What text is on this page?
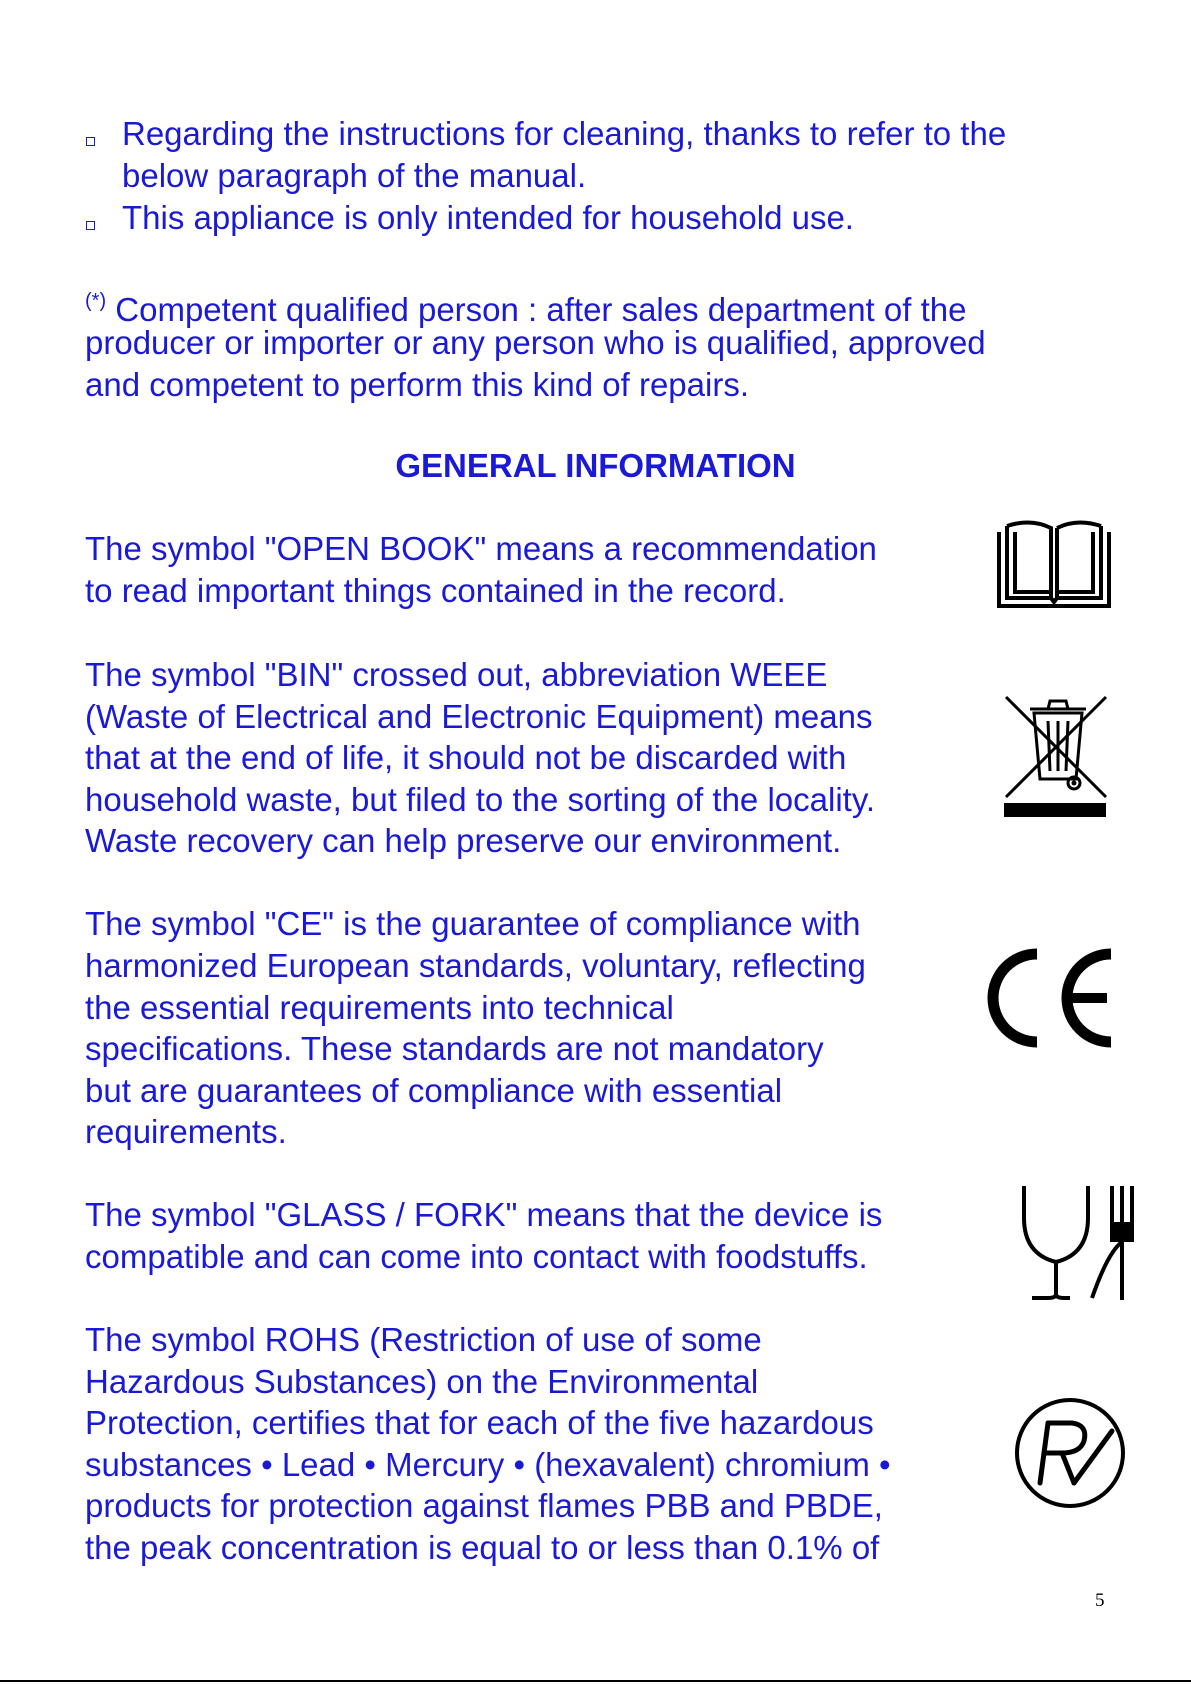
Regarding the instructions for cleaning, thanks to refer to the
below paragraph of the manual.
This appliance is only intended for household use.
(*) Competent qualified person : after sales department of the
producer or importer or any person who is qualified, approved
and competent to perform this kind of repairs.
GENERAL INFORMATION
The symbol "OPEN BOOK" means a recommendation
to read important things contained in the record.
The symbol "BIN" crossed out, abbreviation WEEE
(Waste of Electrical and Electronic Equipment) means
that at the end of life, it should not be discarded with
household waste, but filed to the sorting of the locality.
Waste recovery can help preserve our environment.
The symbol "CE" is the guarantee of compliance with
harmonized European standards, voluntary, reflecting
the essential requirements into technical
specifications. These standards are not mandatory
but are guarantees of compliance with essential
requirements.
The symbol "GLASS / FORK" means that the device is
compatible and can come into contact with foodstuffs.
The symbol ROHS (Restriction of use of some
Hazardous Substances) on the Environmental
Protection, certifies that for each of the five hazardous
substances • Lead • Mercury • (hexavalent) chromium •
products for protection against flames PBB and PBDE,
the peak concentration is equal to or less than 0.1% of
5
